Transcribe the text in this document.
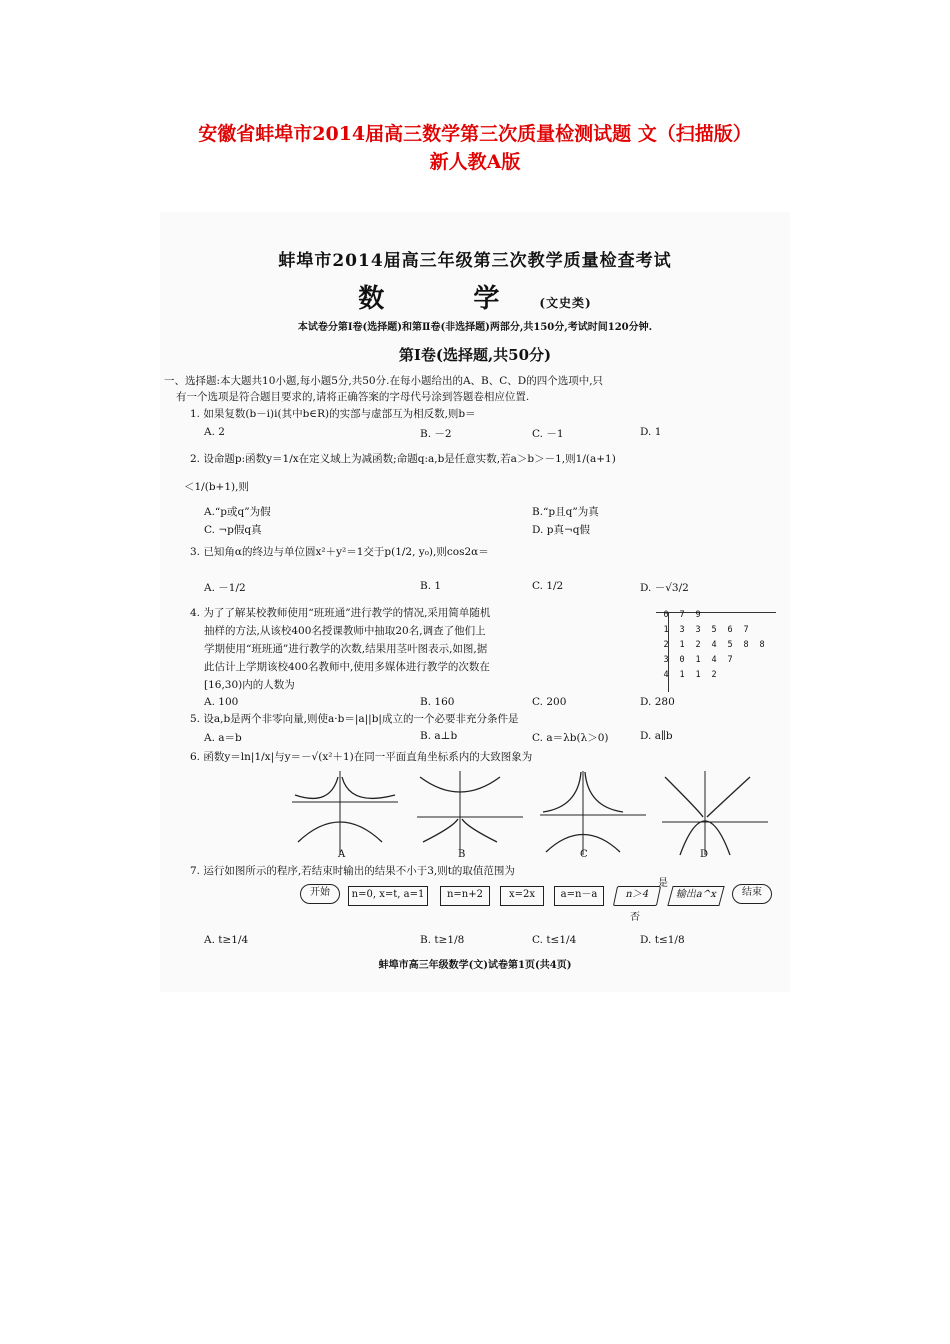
安徽省蚌埠市2014届高三数学第三次质量检测试题 文（扫描版）
新人教A版
蚌埠市2014届高三年级第三次教学质量检查考试
数 学(文史类)
本试卷分第Ⅰ卷(选择题)和第Ⅱ卷(非选择题)两部分,共150分,考试时间120分钟.
第Ⅰ卷(选择题,共50分)
一、选择题:本大题共10小题,每小题5分,共50分.在每小题给出的A、B、C、D的四个选项中,只
有一个选项是符合题目要求的,请将正确答案的字母代号涂到答题卷相应位置.
1. 如果复数(b－i)i(其中b∈R)的实部与虚部互为相反数,则b＝
A. 2	B. －2	C. －1	D. 1
2. 设命题p:函数y＝1/x在定义域上为减函数;命题q:a,b是任意实数,若a＞b＞－1,则1/(a+1)
＜1/(b+1),则
A.“p或q”为假	B.“p且q”为真
C. ¬p假q真	D. p真¬q假
3. 已知角α的终边与单位圆x²＋y²＝1交于p(1/2, y₀),则cos2α＝
A. －1/2	B. 1	C. 1/2	D. －√3/2
4. 为了了解某校教师使用“班班通”进行教学的情况,采用简单随机
抽样的方法,从该校400名授课教师中抽取20名,调查了他们上
学期使用“班班通”进行教学的次数,结果用茎叶图表示,如图,据
此估计上学期该校400名教师中,使用多媒体进行教学的次数在
[16,30)内的人数为
A. 100	B. 160	C. 200	D. 280
0	7	9
1	3	3	5	6	7
2	1	2	4	5	8	8
3	0	1	4	7
4	1	1	2
5. 设a,b是两个非零向量,则使a·b＝|a||b|成立的一个必要非充分条件是
A. a＝b	B. a⊥b	C. a＝λb(λ＞0)	D. a∥b
6. 函数y＝ln|1/x|与y＝－√(x²＋1)在同一平面直角坐标系内的大致图象为
A	B	C	D
7. 运行如图所示的程序,若结束时输出的结果不小于3,则t的取值范围为
开始	n=0, x=t, a=1	n=n+2	x=2x	a=n－a	n＞4
是
否
输出a^x	结束
A. t≥1/4	B. t≥1/8	C. t≤1/4	D. t≤1/8
蚌埠市高三年级数学(文)试卷第1页(共4页)
